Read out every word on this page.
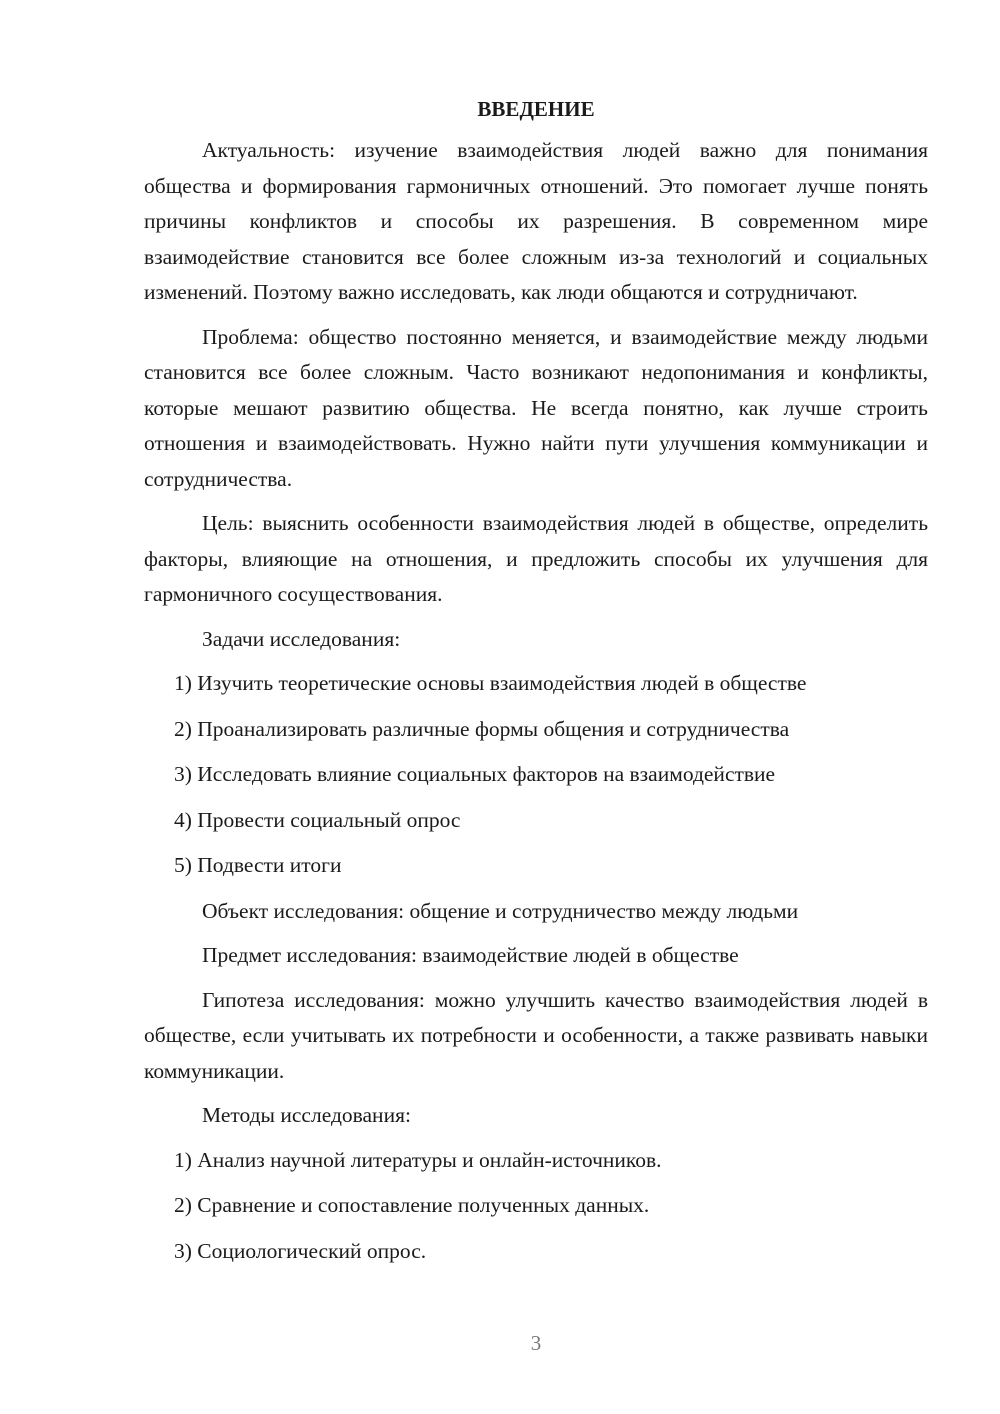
ВВЕДЕНИЕ

Актуальность: изучение взаимодействия людей важно для понимания общества и формирования гармоничных отношений. Это помогает лучше понять причины конфликтов и способы их разрешения. В современном мире взаимодействие становится все более сложным из-за технологий и социальных изменений. Поэтому важно исследовать, как люди общаются и сотрудничают.

Проблема: общество постоянно меняется, и взаимодействие между людьми становится все более сложным. Часто возникают недопонимания и конфликты, которые мешают развитию общества. Не всегда понятно, как лучше строить отношения и взаимодействовать. Нужно найти пути улучшения коммуникации и сотрудничества.

Цель: выяснить особенности взаимодействия людей в обществе, определить факторы, влияющие на отношения, и предложить способы их улучшения для гармоничного сосуществования.

Задачи исследования:

1) Изучить теоретические основы взаимодействия людей в обществе
2) Проанализировать различные формы общения и сотрудничества
3) Исследовать влияние социальных факторов на взаимодействие
4) Провести социальный опрос
5) Подвести итоги

Объект исследования: общение и сотрудничество между людьми

Предмет исследования: взаимодействие людей в обществе

Гипотеза исследования: можно улучшить качество взаимодействия людей в обществе, если учитывать их потребности и особенности, а также развивать навыки коммуникации.

Методы исследования:

1) Анализ научной литературы и онлайн-источников.
2) Сравнение и сопоставление полученных данных.
3) Социологический опрос.
3
